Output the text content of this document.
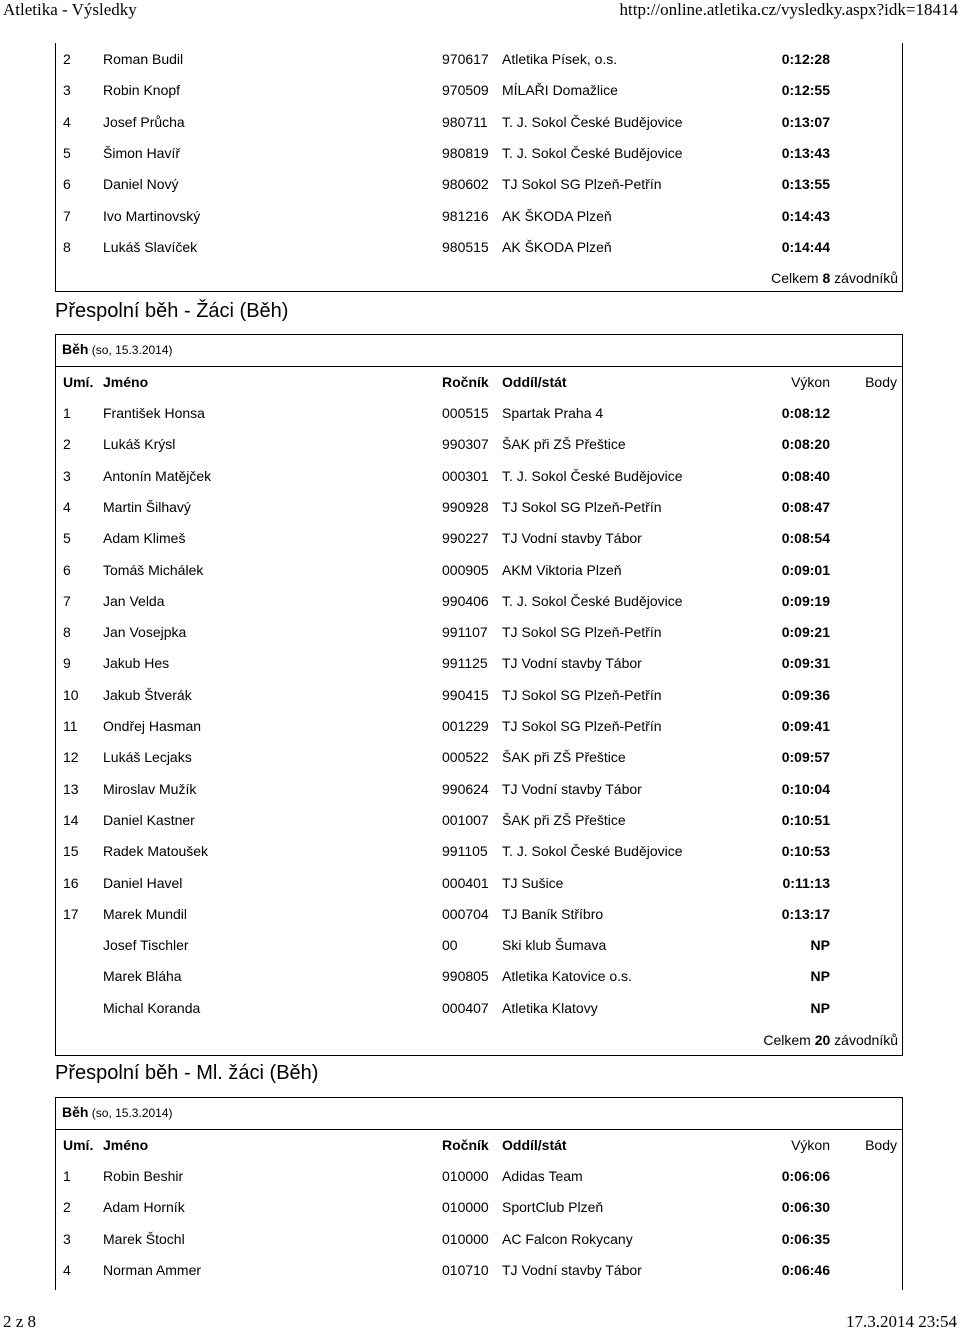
Atletika - Výsledky	http://online.atletika.cz/vysledky.aspx?idk=18414
2 Roman Budil	970617 Atletika Písek, o.s.	0:12:28
3 Robin Knopf	970509 MÍLAŘI Domažlice	0:12:55
4 Josef Průcha	980711 T. J. Sokol České Budějovice	0:13:07
5 Šimon Havíř	980819 T. J. Sokol České Budějovice	0:13:43
6 Daniel Nový	980602 TJ Sokol SG Plzeň-Petřín	0:13:55
7 Ivo Martinovský	981216 AK ŠKODA Plzeň	0:14:43
8 Lukáš Slavíček	980515 AK ŠKODA Plzeň	0:14:44
Celkem 8 závodníků
Přespolní běh - Žáci (Běh)
Běh (so, 15.3.2014)
Umí. Jméno	Ročník Oddíl/stát	Výkon	Body
1 František Honsa	000515 Spartak Praha 4	0:08:12
2 Lukáš Krýsl	990307 ŠAK při ZŠ Přeštice	0:08:20
3 Antonín Matějček	000301 T. J. Sokol České Budějovice	0:08:40
4 Martin Šilhavý	990928 TJ Sokol SG Plzeň-Petřín	0:08:47
5 Adam Klimeš	990227 TJ Vodní stavby Tábor	0:08:54
6 Tomáš Michálek	000905 AKM Viktoria Plzeň	0:09:01
7 Jan Velda	990406 T. J. Sokol České Budějovice	0:09:19
8 Jan Vosejpka	991107 TJ Sokol SG Plzeň-Petřín	0:09:21
9 Jakub Hes	991125 TJ Vodní stavby Tábor	0:09:31
10 Jakub Štverák	990415 TJ Sokol SG Plzeň-Petřín	0:09:36
11 Ondřej Hasman	001229 TJ Sokol SG Plzeň-Petřín	0:09:41
12 Lukáš Lecjaks	000522 ŠAK při ZŠ Přeštice	0:09:57
13 Miroslav Mužík	990624 TJ Vodní stavby Tábor	0:10:04
14 Daniel Kastner	001007 ŠAK při ZŠ Přeštice	0:10:51
15 Radek Matoušek	991105 T. J. Sokol České Budějovice	0:10:53
16 Daniel Havel	000401 TJ Sušice	0:11:13
17 Marek Mundil	000704 TJ Baník Stříbro	0:13:17
Josef Tischler	00	Ski klub Šumava	NP
Marek Bláha	990805 Atletika Katovice o.s.	NP
Michal Koranda	000407 Atletika Klatovy	NP
Celkem 20 závodníků
Přespolní běh - Ml. žáci (Běh)
Běh (so, 15.3.2014)
Umí. Jméno	Ročník Oddíl/stát	Výkon	Body
1 Robin Beshir	010000 Adidas Team	0:06:06
2 Adam Horník	010000 SportClub Plzeň	0:06:30
3 Marek Štochl	010000 AC Falcon Rokycany	0:06:35
4 Norman Ammer	010710 TJ Vodní stavby Tábor	0:06:46
2 z 8	17.3.2014 23:54
